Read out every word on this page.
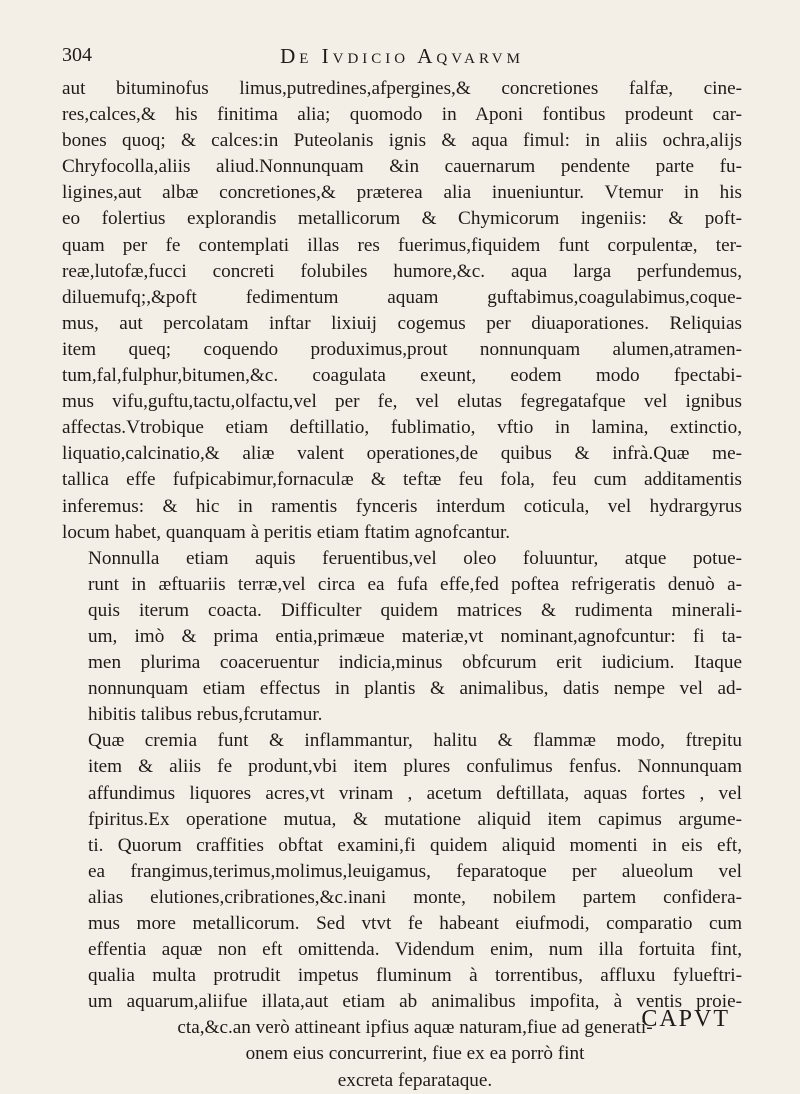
304	De Ivdicio Aqvarvm
aut bituminofus limus,putredines,afpergines,& concretiones falfæ, cine-
res,calces,& his finitima alia; quomodo in Aponi fontibus prodeunt car-
bones quoq; & calces:in Puteolanis ignis & aqua fimul: in aliis ochra,alijs
Chryfocolla,aliis aliud.Nonnunquam &in cauernarum pendente parte fu-
ligines,aut albæ concretiones,& præterea alia inueniuntur. Vtemur in his
eo folertius explorandis metallicorum & Chymicorum ingeniis: & poft-
quam per fe contemplati illas res fuerimus,fiquidem funt corpulentæ, ter-
reæ,lutofæ,fucci concreti folubiles humore,&c. aqua larga perfundemus,
diluemufq;,&poft fedimentum aquam guftabimus,coagulabimus,coque-
mus, aut percolatam inftar lixiuij cogemus per diuaporationes. Reliquias
item queq; coquendo produximus,prout nonnunquam alumen,atramen-
tum,fal,fulphur,bitumen,&c. coagulata exeunt, eodem modo fpectabi-
mus vifu,guftu,tactu,olfactu,vel per fe, vel elutas fegregatafque vel ignibus
affectas.Vtrobique etiam deftillatio, fublimatio, vftio in lamina, extinctio,
liquatio,calcinatio,& aliæ valent operationes,de quibus & infrà.Quæ me-
tallica effe fufpicabimur,fornaculæ & teftæ feu fola, feu cum additamentis
inferemus: & hic in ramentis fynceris interdum coticula, vel hydrargyrus
locum habet, quanquam à peritis etiam ftatim agnofcantur.
Nonnulla etiam aquis feruentibus,vel oleo foluuntur, atque potue-
runt in æftuariis terræ,vel circa ea fufa effe,fed poftea refrigeratis denuò a-
quis iterum coacta. Difficulter quidem matrices & rudimenta minerali-
um, imò & prima entia,primæue materiæ,vt nominant,agnofcuntur: fi ta-
men plurima coaceruentur indicia,minus obfcurum erit iudicium. Itaque
nonnunquam etiam effectus in plantis & animalibus, datis nempe vel ad-
hibitis talibus rebus,fcrutamur.
Quæ cremia funt & inflammantur, halitu & flammæ modo, ftrepitu
item & aliis fe produnt,vbi item plures confulimus fenfus. Nonnunquam
affundimus liquores acres,vt vrinam , acetum deftillata, aquas fortes , vel
fpiritus.Ex operatione mutua, & mutatione aliquid item capimus argume-
ti. Quorum craffities obftat examini,fi quidem aliquid momenti in eis eft,
ea frangimus,terimus,molimus,leuigamus, feparatoque per alueolum vel
alias elutiones,cribrationes,&c.inani monte, nobilem partem confidera-
mus more metallicorum. Sed vtvt fe habeant eiufmodi, comparatio cum
effentia aquæ non eft omittenda. Videndum enim, num illa fortuita fint,
qualia multa protrudit impetus fluminum à torrentibus, affluxu fylueftri-
um aquarum,aliifue illata,aut etiam ab animalibus impofita, à ventis proie-
cta,&c.an verò attineant ipfius aquæ naturam,fiue ad generati-
onem eius concurrerint, fiue ex ea porrò fint
excreta feparataque.
CAPVT
